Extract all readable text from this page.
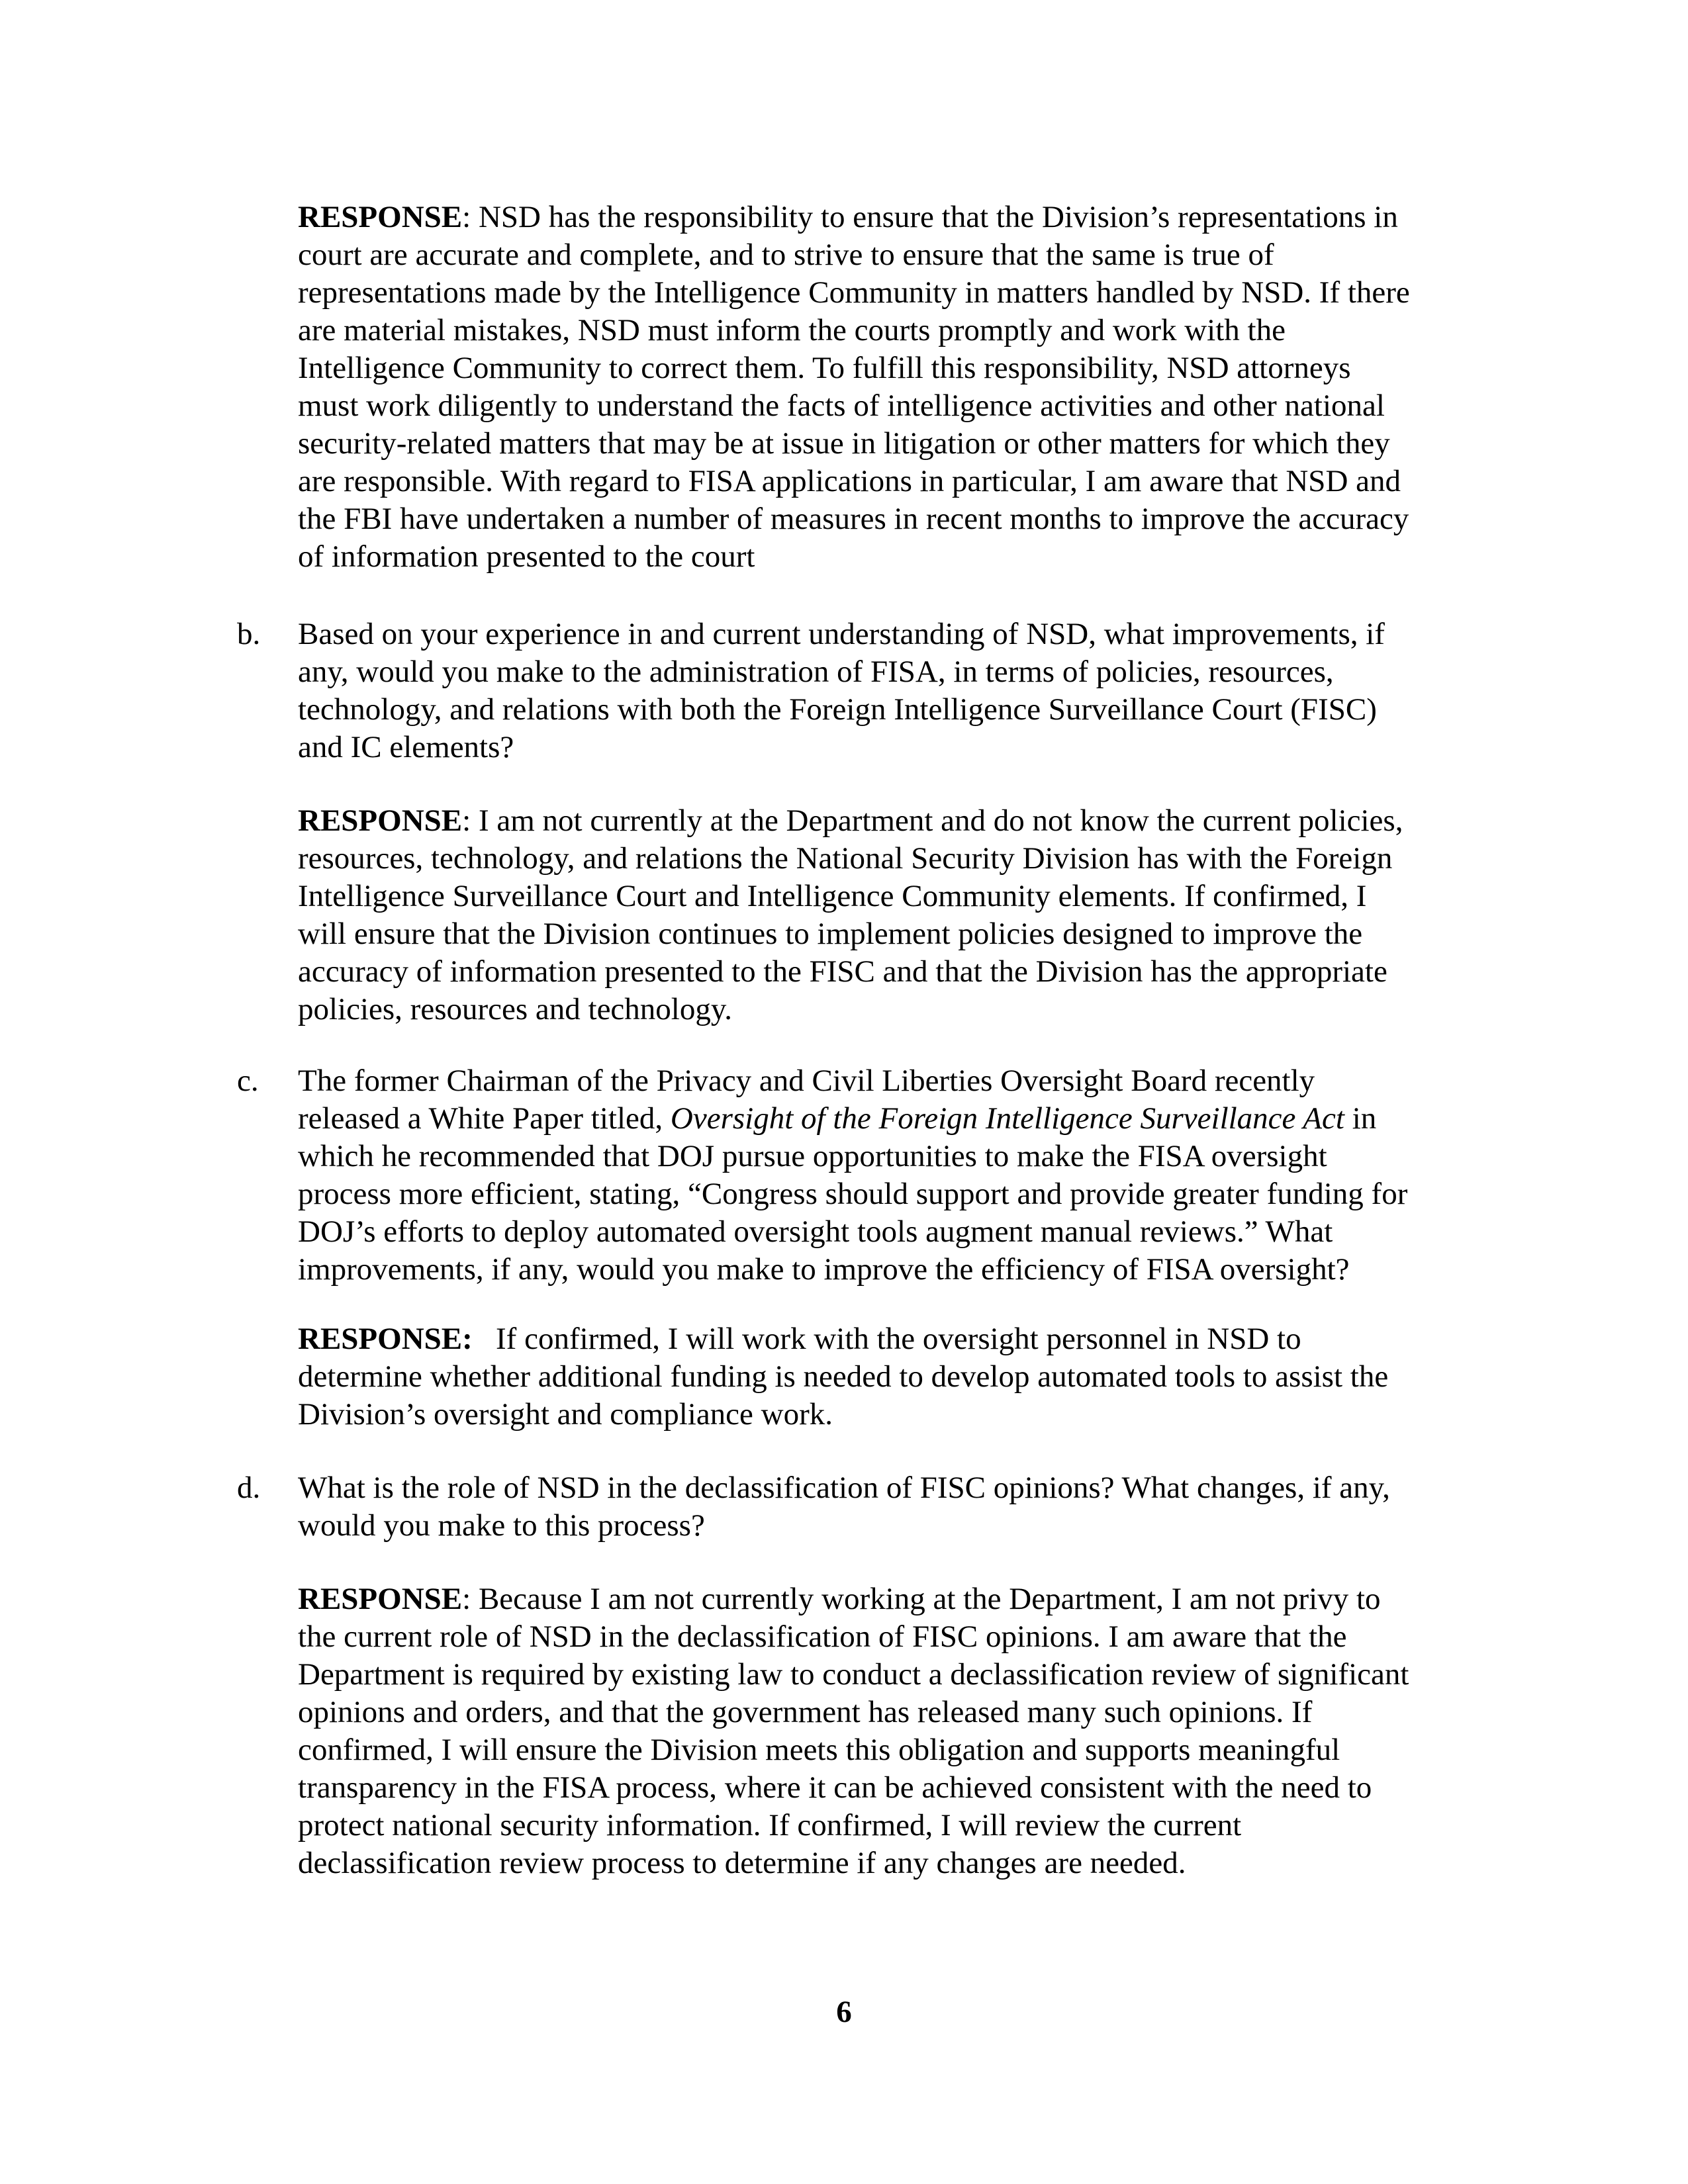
RESPONSE: NSD has the responsibility to ensure that the Division’s representations in
court are accurate and complete, and to strive to ensure that the same is true of
representations made by the Intelligence Community in matters handled by NSD. If there
are material mistakes, NSD must inform the courts promptly and work with the
Intelligence Community to correct them. To fulfill this responsibility, NSD attorneys
must work diligently to understand the facts of intelligence activities and other national
security-related matters that may be at issue in litigation or other matters for which they
are responsible. With regard to FISA applications in particular, I am aware that NSD and
the FBI have undertaken a number of measures in recent months to improve the accuracy
of information presented to the court
b.	Based on your experience in and current understanding of NSD, what improvements, if
any, would you make to the administration of FISA, in terms of policies, resources,
technology, and relations with both the Foreign Intelligence Surveillance Court (FISC)
and IC elements?
RESPONSE: I am not currently at the Department and do not know the current policies,
resources, technology, and relations the National Security Division has with the Foreign
Intelligence Surveillance Court and Intelligence Community elements. If confirmed, I
will ensure that the Division continues to implement policies designed to improve the
accuracy of information presented to the FISC and that the Division has the appropriate
policies, resources and technology.
c.	The former Chairman of the Privacy and Civil Liberties Oversight Board recently
released a White Paper titled, Oversight of the Foreign Intelligence Surveillance Act in
which he recommended that DOJ pursue opportunities to make the FISA oversight
process more efficient, stating, “Congress should support and provide greater funding for
DOJ’s efforts to deploy automated oversight tools augment manual reviews.” What
improvements, if any, would you make to improve the efficiency of FISA oversight?
RESPONSE:   If confirmed, I will work with the oversight personnel in NSD to
determine whether additional funding is needed to develop automated tools to assist the
Division’s oversight and compliance work.
d.	What is the role of NSD in the declassification of FISC opinions? What changes, if any,
would you make to this process?
RESPONSE: Because I am not currently working at the Department, I am not privy to
the current role of NSD in the declassification of FISC opinions. I am aware that the
Department is required by existing law to conduct a declassification review of significant
opinions and orders, and that the government has released many such opinions. If
confirmed, I will ensure the Division meets this obligation and supports meaningful
transparency in the FISA process, where it can be achieved consistent with the need to
protect national security information. If confirmed, I will review the current
declassification review process to determine if any changes are needed.
6
